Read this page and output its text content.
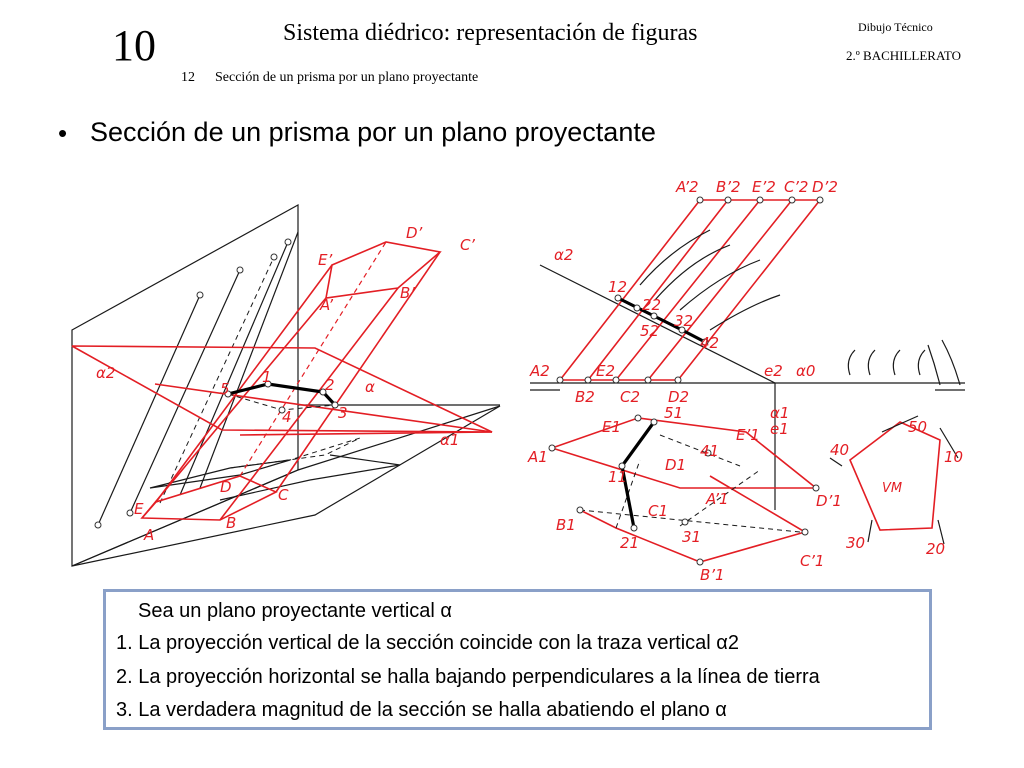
10	Sistema diédrico: representación de figuras
12 Sección de un prisma por un plano proyectante
Dibujo Técnico
2.º BACHILLERATO
• Sección de un prisma por un plano proyectante
α2
α1
α
A
B
C
D
E
A’
B’
C’
D’
E’
1	2
3
4
5
A’2 B’2 E’2 C’2 D’2
α2
12
22
32
42
52
A2
B2 C2 D2
E2	e2 α0
α1
e1
51
11
21	31
41
A1
B1
C1
D1
E1
A’1
B’1
C’1
D’1
E’1	50
10
20
30
40
VM
Sea un plano proyectante vertical α
1. La proyección vertical de la sección coincide con la traza vertical α2
2. La proyección horizontal se halla bajando perpendiculares a la línea de tierra
3. La verdadera magnitud de la sección se halla abatiendo el plano α
